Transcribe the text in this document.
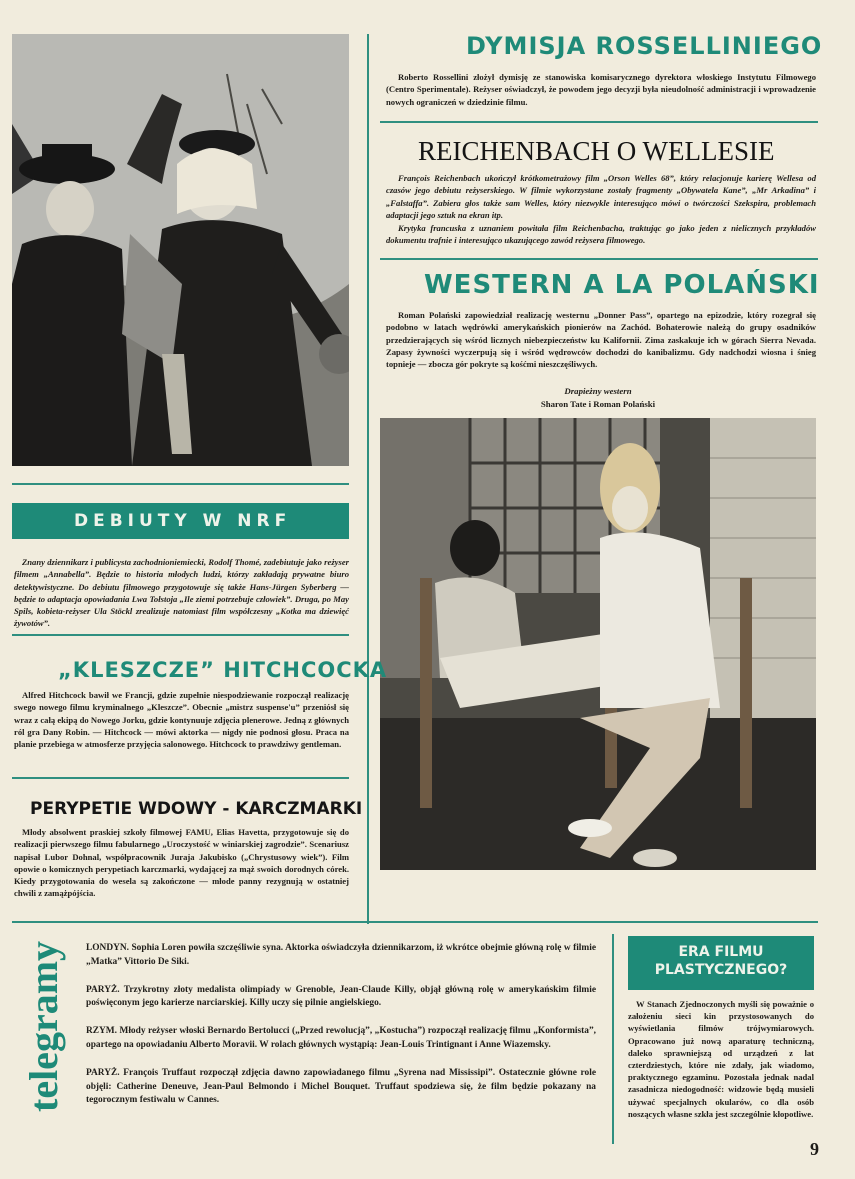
DYMISJA ROSSELLINIEGO
Roberto Rossellini złożył dymisję ze stanowiska komisarycznego dyrektora włoskiego Instytutu Filmowego (Centro Sperimentale). Reżyser oświadczył, że powodem jego decyzji była nieudolność administracji i wprowadzenie nowych ograniczeń w dziedzinie filmu.
REICHENBACH O WELLESIE
François Reichenbach ukończył krótkometrażowy film „Orson Welles 68”, który relacjonuje karierę Wellesa od czasów jego debiutu reżyserskiego. W filmie wykorzystane zostały fragmenty „Obywatela Kane”, „Mr Arkadina” i „Falstaffa”. Zabiera głos także sam Welles, który niezwykle interesująco mówi o twórczości Szekspira, problemach adaptacji jego sztuk na ekran itp.
Krytyka francuska z uznaniem powitała film Reichenbacha, traktując go jako jeden z nielicznych przykładów dokumentu trafnie i interesująco ukazującego zawód reżysera filmowego.
WESTERN A LA POLAŃSKI
Roman Polański zapowiedział realizację westernu „Donner Pass”, opartego na epizodzie, który rozegrał się podobno w latach wędrówki amerykańskich pionierów na Zachód. Bohaterowie należą do grupy osadników przedzierających się wśród licznych niebezpieczeństw ku Kalifornii. Zima zaskakuje ich w górach Sierra Nevada. Zapasy żywności wyczerpują się i wśród wędrowców dochodzi do kanibalizmu. Gdy nadchodzi wiosna i śnieg topnieje — zbocza gór pokryte są kośćmi nieszczęśliwych.
Drapieżny western
Sharon Tate i Roman Polański
DEBIUTY W NRF
Znany dziennikarz i publicysta zachodnioniemiecki, Rodolf Thomé, zadebiutuje jako reżyser filmem „Annabella”. Będzie to historia młodych ludzi, którzy zakładają prywatne biuro detektywistyczne. Do debiutu filmowego przygotowuje się także Hans-Jürgen Syberberg — będzie to adaptacja opowiadania Lwa Tołstoja „Ile ziemi potrzebuje człowiek”. Druga, po May Spils, kobieta-reżyser Ula Stöckl zrealizuje natomiast film współczesny „Kotka ma dziewięć żywotów”.
„KLESZCZE” HITCHCOCKA
Alfred Hitchcock bawił we Francji, gdzie zupełnie niespodziewanie rozpoczął realizację swego nowego filmu kryminalnego „Kleszcze”. Obecnie „mistrz suspense'u” przeniósł się wraz z całą ekipą do Nowego Jorku, gdzie kontynuuje zdjęcia plenerowe. Jedną z głównych ról gra Dany Robin. — Hitchcock — mówi aktorka — nigdy nie podnosi głosu. Praca na planie przebiega w atmosferze przyjęcia salonowego. Hitchcock to prawdziwy gentleman.
PERYPETIE WDOWY - KARCZMARKI
Młody absolwent praskiej szkoły filmowej FAMU, Elias Havetta, przygotowuje się do realizacji pierwszego filmu fabularnego „Uroczystość w winiarskiej zagrodzie”. Scenariusz napisał Lubor Dohnal, współpracownik Juraja Jakubisko („Chrystusowy wiek”). Film opowie o komicznych perypetiach karczmarki, wydającej za mąż swoich dorodnych córek. Kiedy przygotowania do wesela są zakończone — młode panny rezygnują w ostatniej chwili z zamążpójścia.
telegramy LONDYN. Sophia Loren powiła szczęśliwie syna. Aktorka oświadczyła dziennikarzom, iż wkrótce obejmie główną rolę w filmie „Matka” Vittorio De Siki.
PARYŻ. Trzykrotny złoty medalista olimpiady w Grenoble, Jean-Claude Killy, objął główną rolę w amerykańskim filmie poświęconym jego karierze narciarskiej. Killy uczy się pilnie angielskiego.
RZYM. Młody reżyser włoski Bernardo Bertolucci („Przed rewolucją”, „Kostucha”) rozpoczął realizację filmu „Konformista”, opartego na opowiadaniu Alberto Moravii. W rolach głównych wystąpią: Jean-Louis Trintignant i Anne Wiazemsky.
PARYŻ. François Truffaut rozpoczął zdjęcia dawno zapowiadanego filmu „Syrena nad Mississipi”. Ostatecznie główne role objęli: Catherine Deneuve, Jean-Paul Belmondo i Michel Bouquet. Truffaut spodziewa się, że film będzie pokazany na tegorocznym festiwalu w Cannes.
ERA FILMU
PLASTYCZNEGO?
W Stanach Zjednoczonych myśli się poważnie o założeniu sieci kin przystosowanych do wyświetlania filmów trójwymiarowych. Opracowano już nową aparaturę techniczną, daleko sprawniejszą od urządzeń z lat czterdziestych, które nie zdały, jak wiadomo, praktycznego egzaminu. Pozostała jednak nadal zasadnicza niedogodność: widzowie będą musieli używać specjalnych okularów, co dla osób noszących własne szkła jest szczególnie kłopotliwe.
9
